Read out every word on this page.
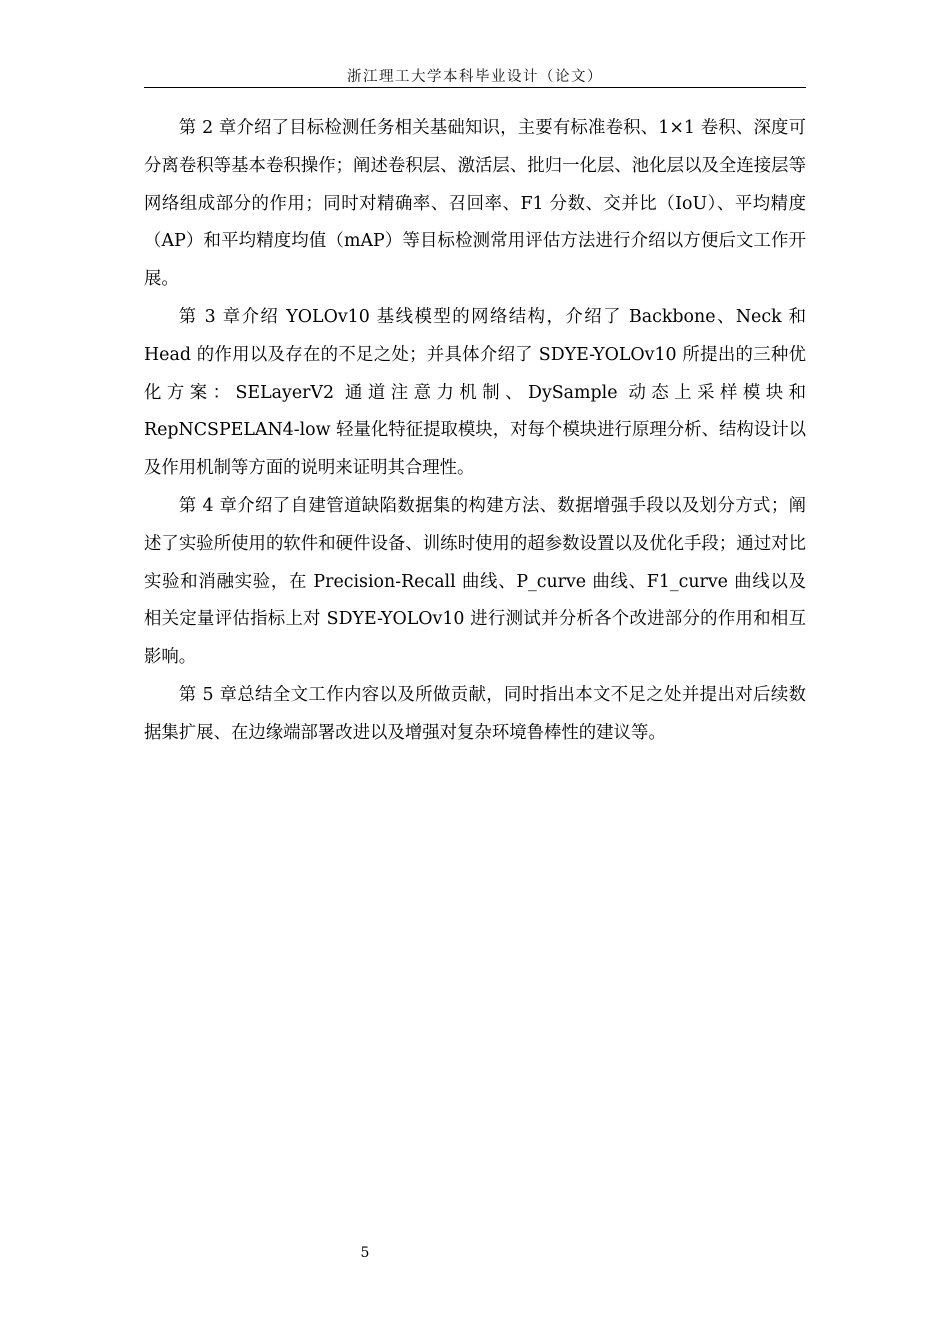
浙江理工大学本科毕业设计（论文）

第 2 章介绍了目标检测任务相关基础知识，主要有标准卷积、1×1 卷积、深度可分离卷积等基本卷积操作；阐述卷积层、激活层、批归一化层、池化层以及全连接层等网络组成部分的作用；同时对精确率、召回率、F1 分数、交并比（IoU）、平均精度（AP）和平均精度均值（mAP）等目标检测常用评估方法进行介绍以方便后文工作开展。

第 3 章介绍 YOLOv10 基线模型的网络结构，介绍了 Backbone、Neck 和 Head 的作用以及存在的不足之处；并具体介绍了 SDYE-YOLOv10 所提出的三种优化方案：SELayerV2 通道注意力机制、DySample 动态上采样模块和 RepNCSPELAN4-low 轻量化特征提取模块，对每个模块进行原理分析、结构设计以及作用机制等方面的说明来证明其合理性。

第 4 章介绍了自建管道缺陷数据集的构建方法、数据增强手段以及划分方式；阐述了实验所使用的软件和硬件设备、训练时使用的超参数设置以及优化手段；通过对比实验和消融实验，在 Precision-Recall 曲线、P_curve 曲线、F1_curve 曲线以及相关定量评估指标上对 SDYE-YOLOv10 进行测试并分析各个改进部分的作用和相互影响。

第 5 章总结全文工作内容以及所做贡献，同时指出本文不足之处并提出对后续数据集扩展、在边缘端部署改进以及增强对复杂环境鲁棒性的建议等。

5
